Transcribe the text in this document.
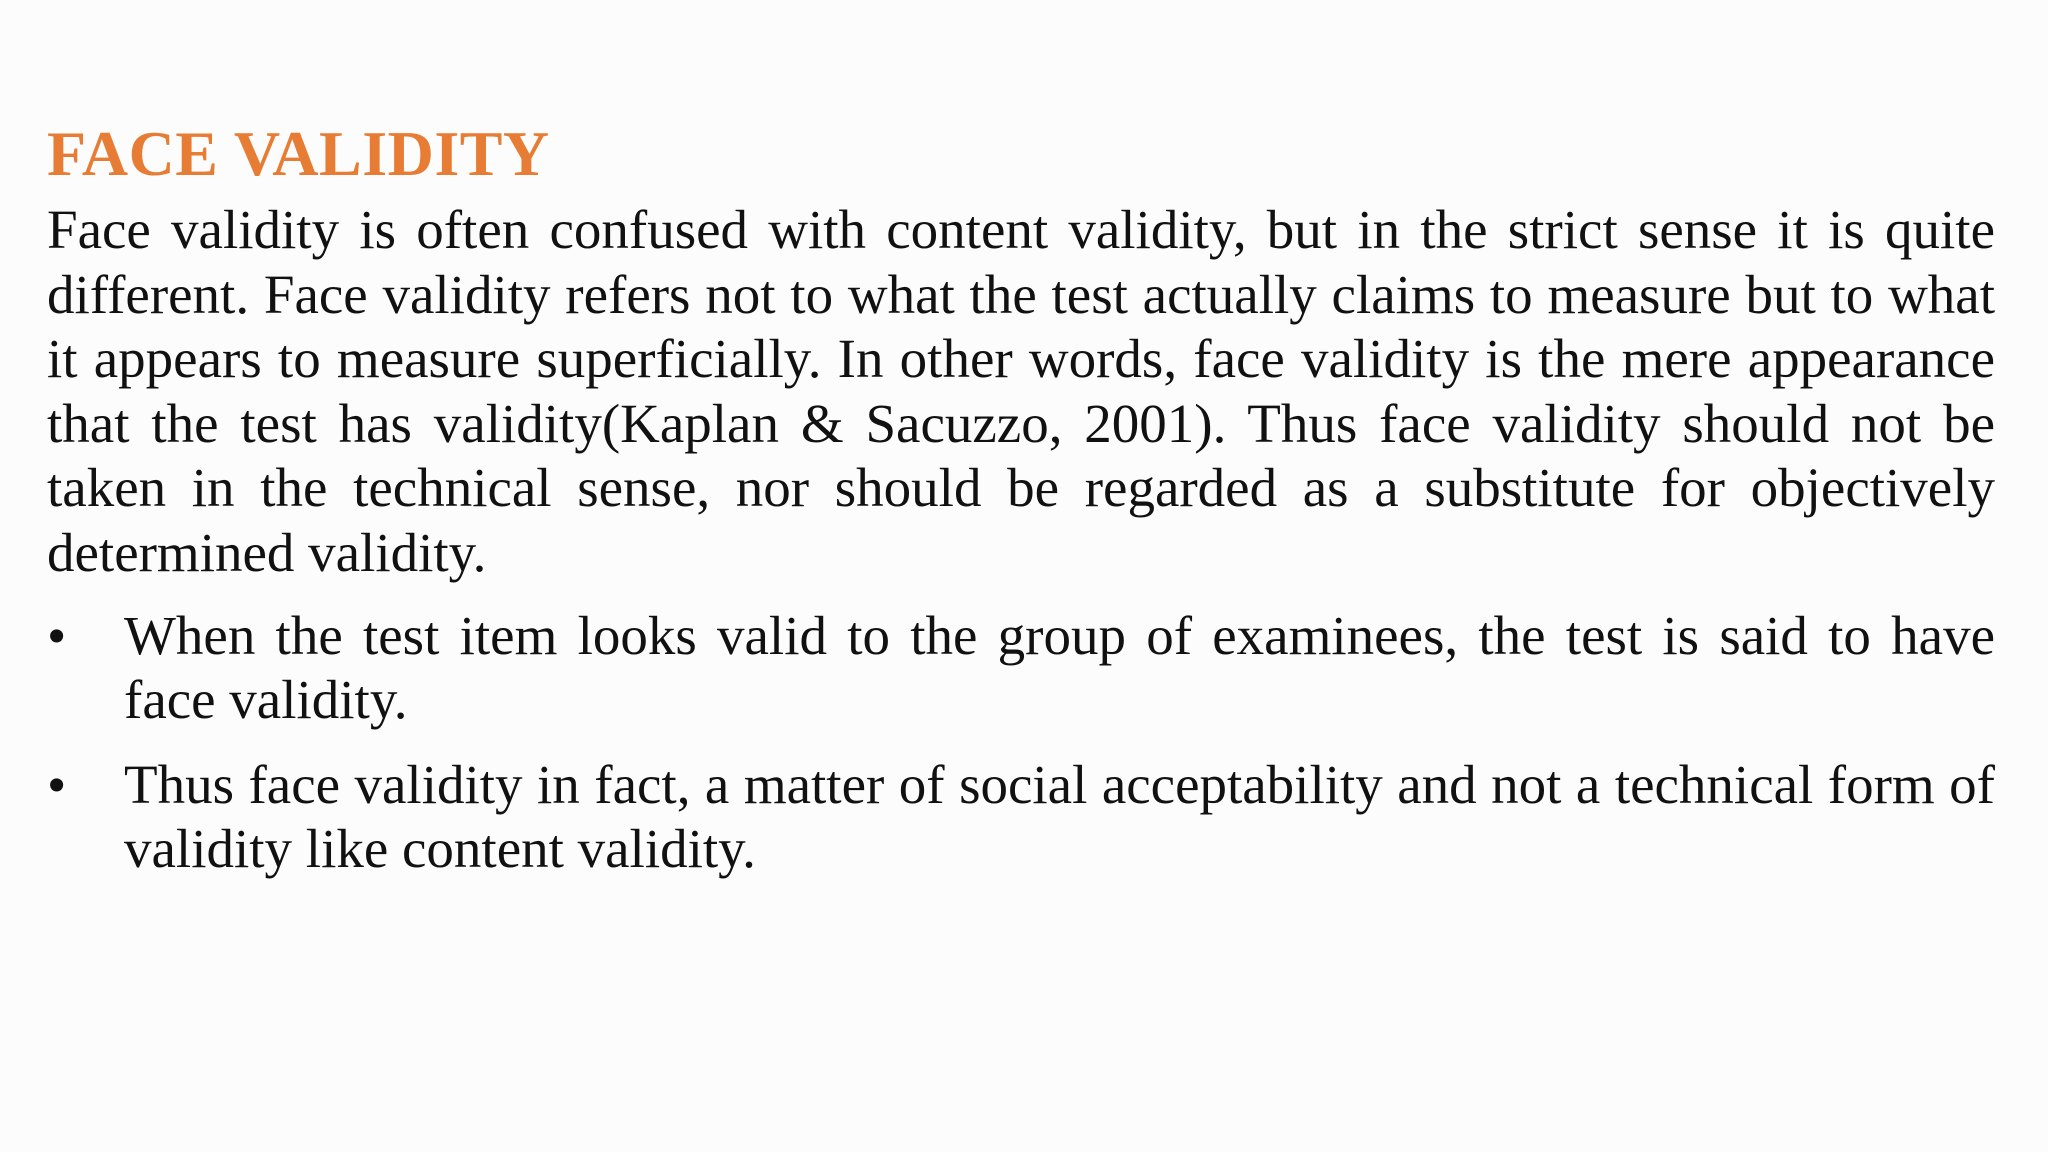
FACE VALIDITY

Face validity is often confused with content validity, but in the strict sense it is quite different. Face validity refers not to what the test actually claims to measure but to what it appears to measure superficially. In other words, face validity is the mere appearance that the test has validity(Kaplan & Sacuzzo, 2001). Thus face validity should not be taken in the technical sense, nor should be regarded as a substitute for objectively determined validity.

• When the test item looks valid to the group of examinees, the test is said to have face validity.
• Thus face validity in fact, a matter of social acceptability and not a technical form of validity like content validity.
